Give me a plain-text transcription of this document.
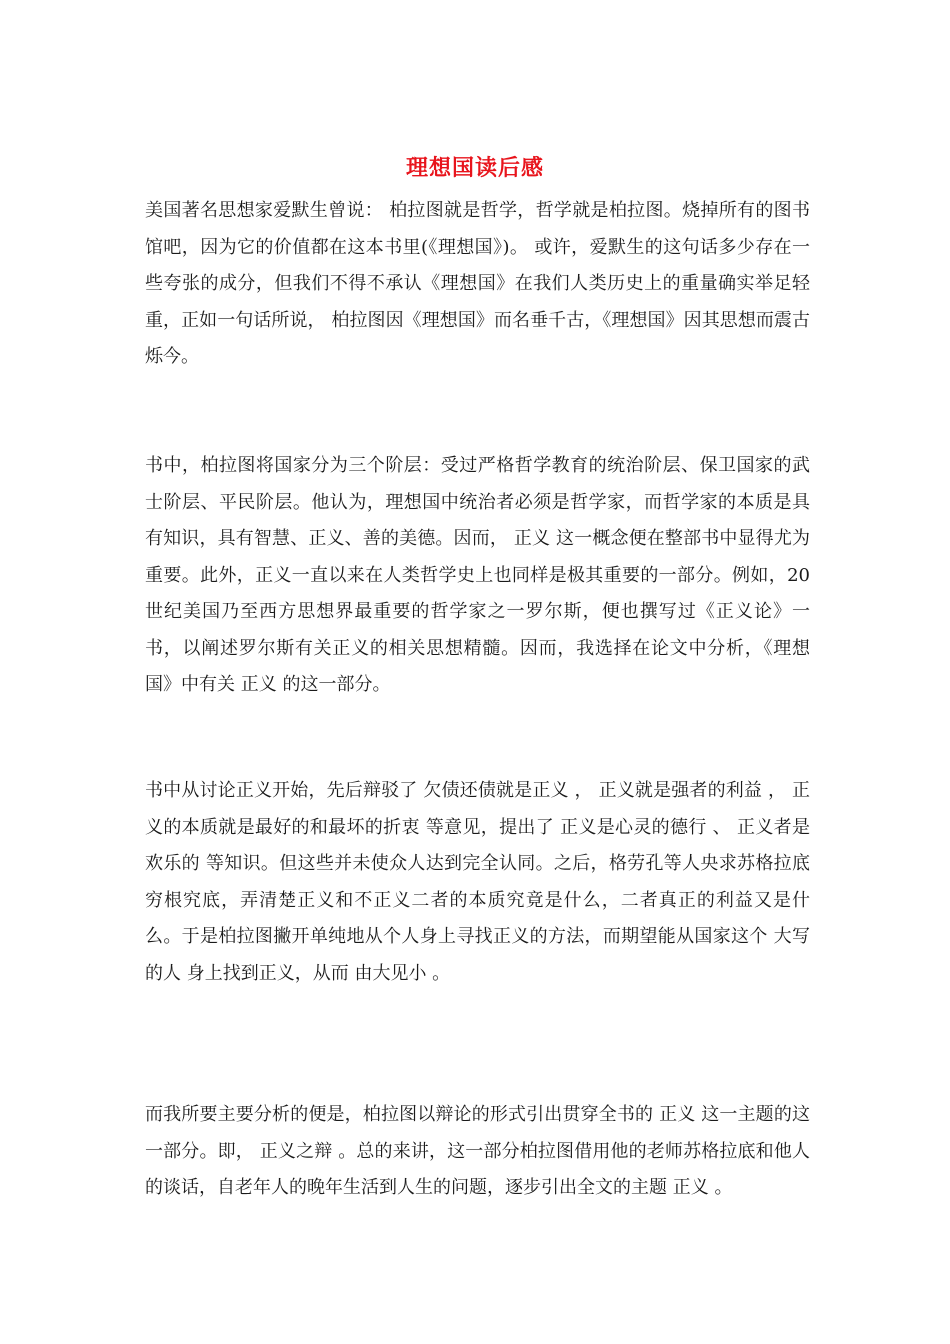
理想国读后感

美国著名思想家爱默生曾说： 柏拉图就是哲学，哲学就是柏拉图。烧掉所有的图书馆吧，因为它的价值都在这本书里(《理想国》)。 或许，爱默生的这句话多少存在一些夸张的成分，但我们不得不承认《理想国》在我们人类历史上的重量确实举足轻重，正如一句话所说， 柏拉图因《理想国》而名垂千古，《理想国》因其思想而震古烁今。

书中，柏拉图将国家分为三个阶层：受过严格哲学教育的统治阶层、保卫国家的武士阶层、平民阶层。他认为，理想国中统治者必须是哲学家，而哲学家的本质是具有知识，具有智慧、正义、善的美德。因而， 正义 这一概念便在整部书中显得尤为重要。此外，正义一直以来在人类哲学史上也同样是极其重要的一部分。例如，20世纪美国乃至西方思想界最重要的哲学家之一罗尔斯，便也撰写过《正义论》一书，以阐述罗尔斯有关正义的相关思想精髓。因而，我选择在论文中分析，《理想国》中有关 正义 的这一部分。

书中从讨论正义开始，先后辩驳了 欠债还债就是正义 ， 正义就是强者的利益 ， 正义的本质就是最好的和最坏的折衷 等意见，提出了 正义是心灵的德行 、 正义者是欢乐的 等知识。但这些并未使众人达到完全认同。之后，格劳孔等人央求苏格拉底穷根究底，弄清楚正义和不正义二者的本质究竟是什么，二者真正的利益又是什么。于是柏拉图撇开单纯地从个人身上寻找正义的方法，而期望能从国家这个 大写的人 身上找到正义，从而 由大见小 。

而我所要主要分析的便是，柏拉图以辩论的形式引出贯穿全书的 正义 这一主题的这一部分。即， 正义之辩 。总的来讲，这一部分柏拉图借用他的老师苏格拉底和他人的谈话，自老年人的晚年生活到人生的问题，逐步引出全文的主题 正义 。
